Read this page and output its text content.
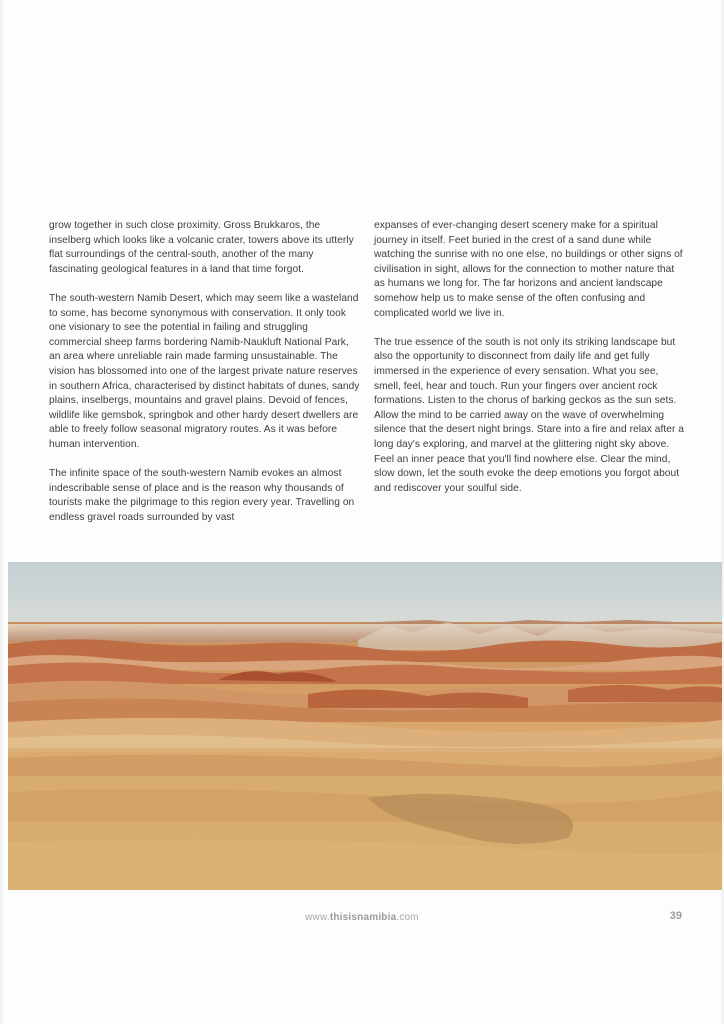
grow together in such close proximity. Gross Brukkaros, the inselberg which looks like a volcanic crater, towers above its utterly flat surroundings of the central-south, another of the many fascinating geological features in a land that time forgot.

The south-western Namib Desert, which may seem like a wasteland to some, has become synonymous with conservation. It only took one visionary to see the potential in failing and struggling commercial sheep farms bordering Namib-Naukluft National Park, an area where unreliable rain made farming unsustainable. The vision has blossomed into one of the largest private nature reserves in southern Africa, characterised by distinct habitats of dunes, sandy plains, inselbergs, mountains and gravel plains. Devoid of fences, wildlife like gemsbok, springbok and other hardy desert dwellers are able to freely follow seasonal migratory routes. As it was before human intervention.

The infinite space of the south-western Namib evokes an almost indescribable sense of place and is the reason why thousands of tourists make the pilgrimage to this region every year. Travelling on endless gravel roads surrounded by vast

expanses of ever-changing desert scenery make for a spiritual journey in itself. Feet buried in the crest of a sand dune while watching the sunrise with no one else, no buildings or other signs of civilisation in sight, allows for the connection to mother nature that as humans we long for. The far horizons and ancient landscape somehow help us to make sense of the often confusing and complicated world we live in.

The true essence of the south is not only its striking landscape but also the opportunity to disconnect from daily life and get fully immersed in the experience of every sensation. What you see, smell, feel, hear and touch. Run your fingers over ancient rock formations. Listen to the chorus of barking geckos as the sun sets. Allow the mind to be carried away on the wave of overwhelming silence that the desert night brings. Stare into a fire and relax after a long day's exploring, and marvel at the glittering night sky above. Feel an inner peace that you'll find nowhere else. Clear the mind, slow down, let the south evoke the deep emotions you forgot about and rediscover your soulful side.

www.thisisnamibia.com	39
